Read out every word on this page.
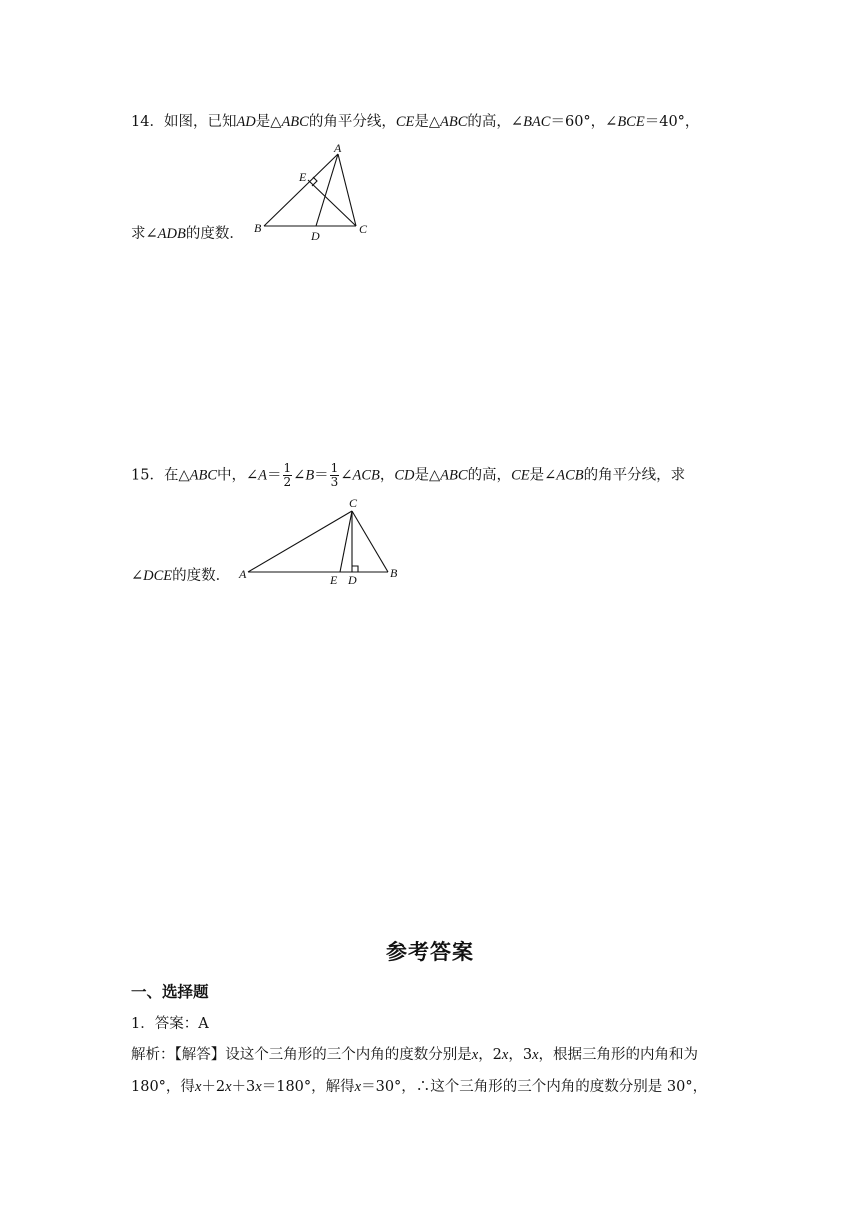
14．如图，已知AD是△ABC的角平分线，CE是△ABC的高，∠BAC＝60°，∠BCE＝40°，
A
E
B
D	C
求∠ADB的度数．
15．在△ABC中，∠A＝ $\frac{1}{2}$ ∠B＝ $\frac{1}{3}$ ∠ACB，CD是△ABC的高，CE是∠ACB的角平分线，求
C
A	E D	B
∠DCE的度数．
参考答案
一、选择题
1．答案：A
解析：【解答】设这个三角形的三个内角的度数分别是x，2x，3x，根据三角形的内角和为
180°，得x＋2x＋3x＝180°，解得x＝30°，∴这个三角形的三个内角的度数分别是 30°，
